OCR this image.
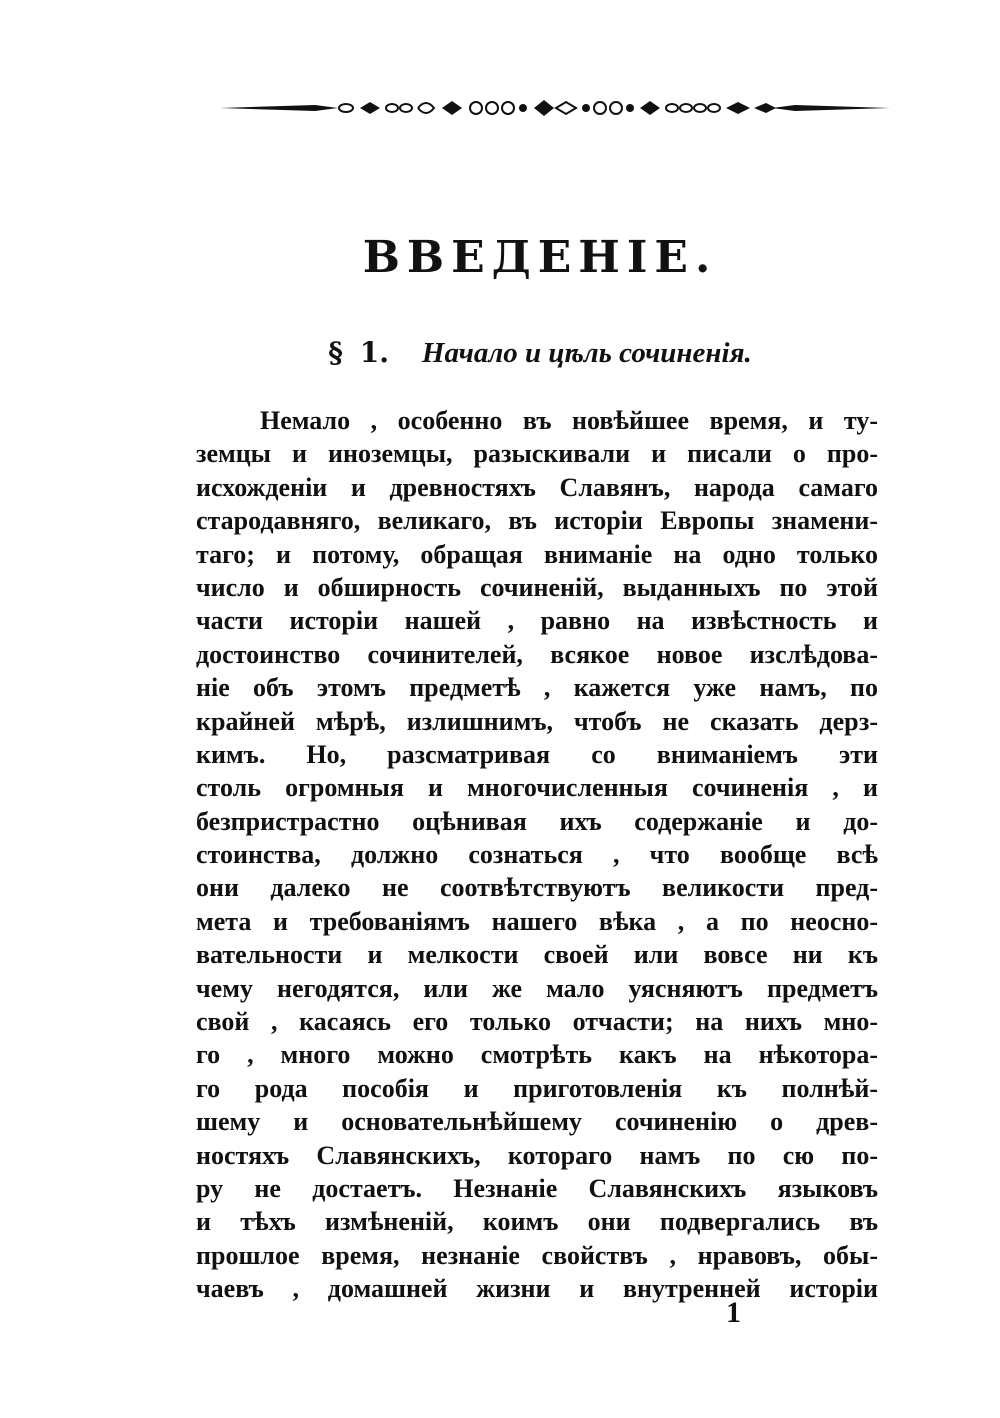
ВВЕДЕНIЕ.
§ 1. Начало и цѣль сочиненія.
Немало , особенно въ новѣйшее время, и ту-
земцы и иноземцы, разыскивали и писали о про-
исхожденіи и древностяхъ Славянъ, народа самаго
стародавняго, великаго, въ исторіи Европы знамени-
таго; и потому, обращая вниманіе на одно только
число и обширность сочиненій, выданныхъ по этой
части исторіи нашей , равно на извѣстность и
достоинство сочинителей, всякое новое изслѣдова-
ніе объ этомъ предметѣ , кажется уже намъ, по
крайней мѣрѣ, излишнимъ, чтобъ не сказать дерз-
кимъ. Но, разсматривая со вниманіемъ эти
столь огромныя и многочисленныя сочиненія , и
безпристрастно оцѣнивая ихъ содержаніе и до-
стоинства, должно сознаться , что вообще всѣ
они далеко не соотвѣтствуютъ великости пред-
мета и требованіямъ нашего вѣка , а по неосно-
вательности и мелкости своей или вовсе ни къ
чему негодятся, или же мало уясняютъ предметъ
свой , касаясь его только отчасти; на нихъ мно-
го , много можно смотрѣть какъ на нѣкотора-
го рода пособія и приготовленія къ полнѣй-
шему и основательнѣйшему сочиненію о древ-
ностяхъ Славянскихъ, котораго намъ по сю по-
ру не достаетъ. Незнаніе Славянскихъ языковъ
и тѣхъ измѣненій, коимъ они подвергались въ
прошлое время, незнаніе свойствъ , нравовъ, обы-
чаевъ , домашней жизни и внутренней исторіи
1
